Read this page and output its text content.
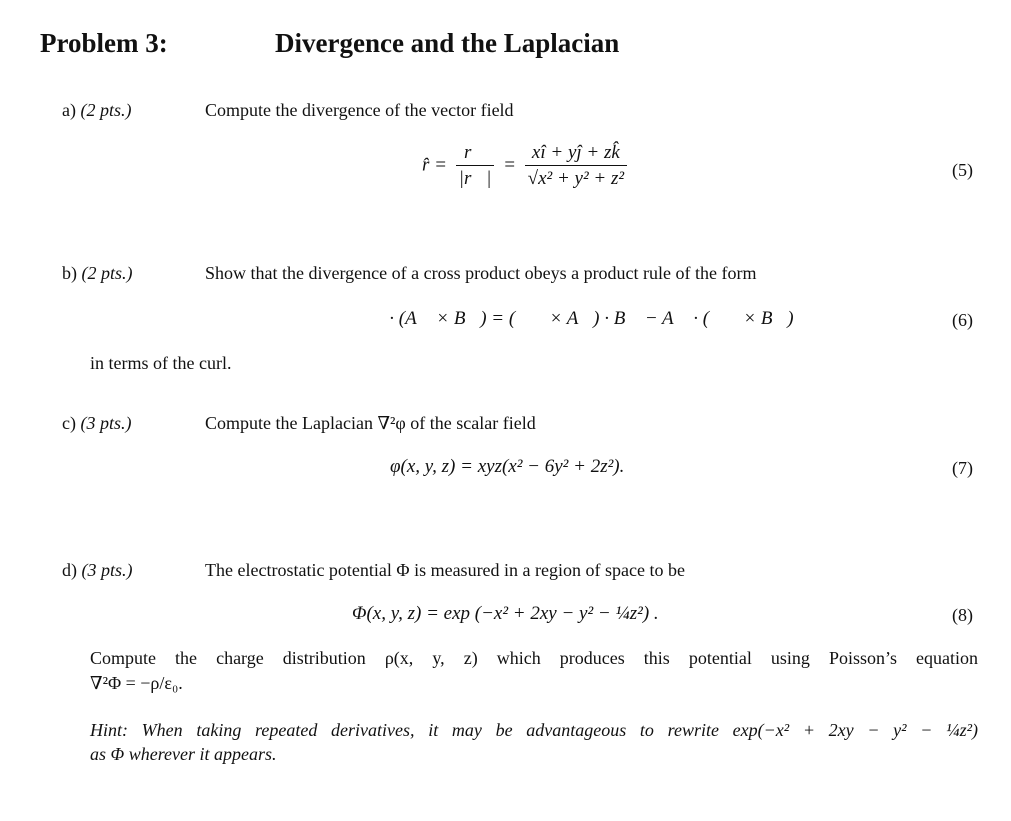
Problem 3:	Divergence and the Laplacian
a) (2 pts.)	Compute the divergence of the vector field
r̂ = $\frac{r⃗}{|r⃗|} = \frac{xî + yĵ + zk̂}{\text{√x² + y² + z²}}$	(5)
b) (2 pts.)	Show that the divergence of a cross product obeys a product rule of the form
∇⃗ · (A⃗ × B⃗) = (∇⃗ × A⃗) · B⃗ − A⃗ · (∇⃗ × B⃗)	(6)
in terms of the curl.
c) (3 pts.)	Compute the Laplacian ∇²φ of the scalar field
φ(x, y, z) = xyz(x² − 6y² + 2z²).	(7)
d) (3 pts.)	The electrostatic potential Φ is measured in a region of space to be
Φ(x, y, z) = exp (−x² + 2xy − y² − ¼z²) .	(8)
Compute the charge distribution ρ(x, y, z) which produces this potential using Poisson’s equation
∇²Φ = −ρ/ε₀.
Hint: When taking repeated derivatives, it may be advantageous to rewrite exp(−x² + 2xy − y² − ¼z²)
as Φ wherever it appears.
